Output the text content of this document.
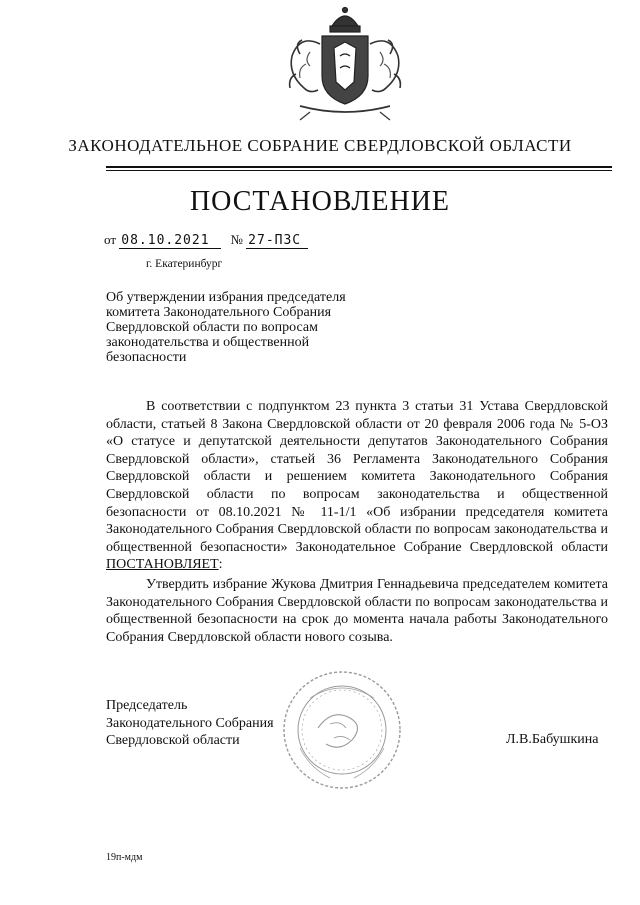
ЗАКОНОДАТЕЛЬНОЕ СОБРАНИЕ СВЕРДЛОВСКОЙ ОБЛАСТИ
ПОСТАНОВЛЕНИЕ
от 08.10.2021 № 27-ПЗС
г. Екатеринбург
Об утверждении избрания председателя комитета Законодательного Собрания Свердловской области по вопросам законодательства и общественной безопасности
В соответствии с подпунктом 23 пункта 3 статьи 31 Устава Свердловской области, статьей 8 Закона Свердловской области от 20 февраля 2006 года № 5-ОЗ «О статусе и депутатской деятельности депутатов Законодательного Собрания Свердловской области», статьей 36 Регламента Законодательного Собрания Свердловской области и решением комитета Законодательного Собрания Свердловской области по вопросам законодательства и общественной безопасности от 08.10.2021 № 11-1/1 «Об избрании председателя комитета Законодательного Собрания Свердловской области по вопросам законодательства и общественной безопасности» Законодательное Собрание Свердловской области ПОСТАНОВЛЯЕТ:
Утвердить избрание Жукова Дмитрия Геннадьевича председателем комитета Законодательного Собрания Свердловской области по вопросам законодательства и общественной безопасности на срок до момента начала работы Законодательного Собрания Свердловской области нового созыва.
Председатель
Законодательного Собрания
Свердловской области	Л.В.Бабушкина
19п-мдм
